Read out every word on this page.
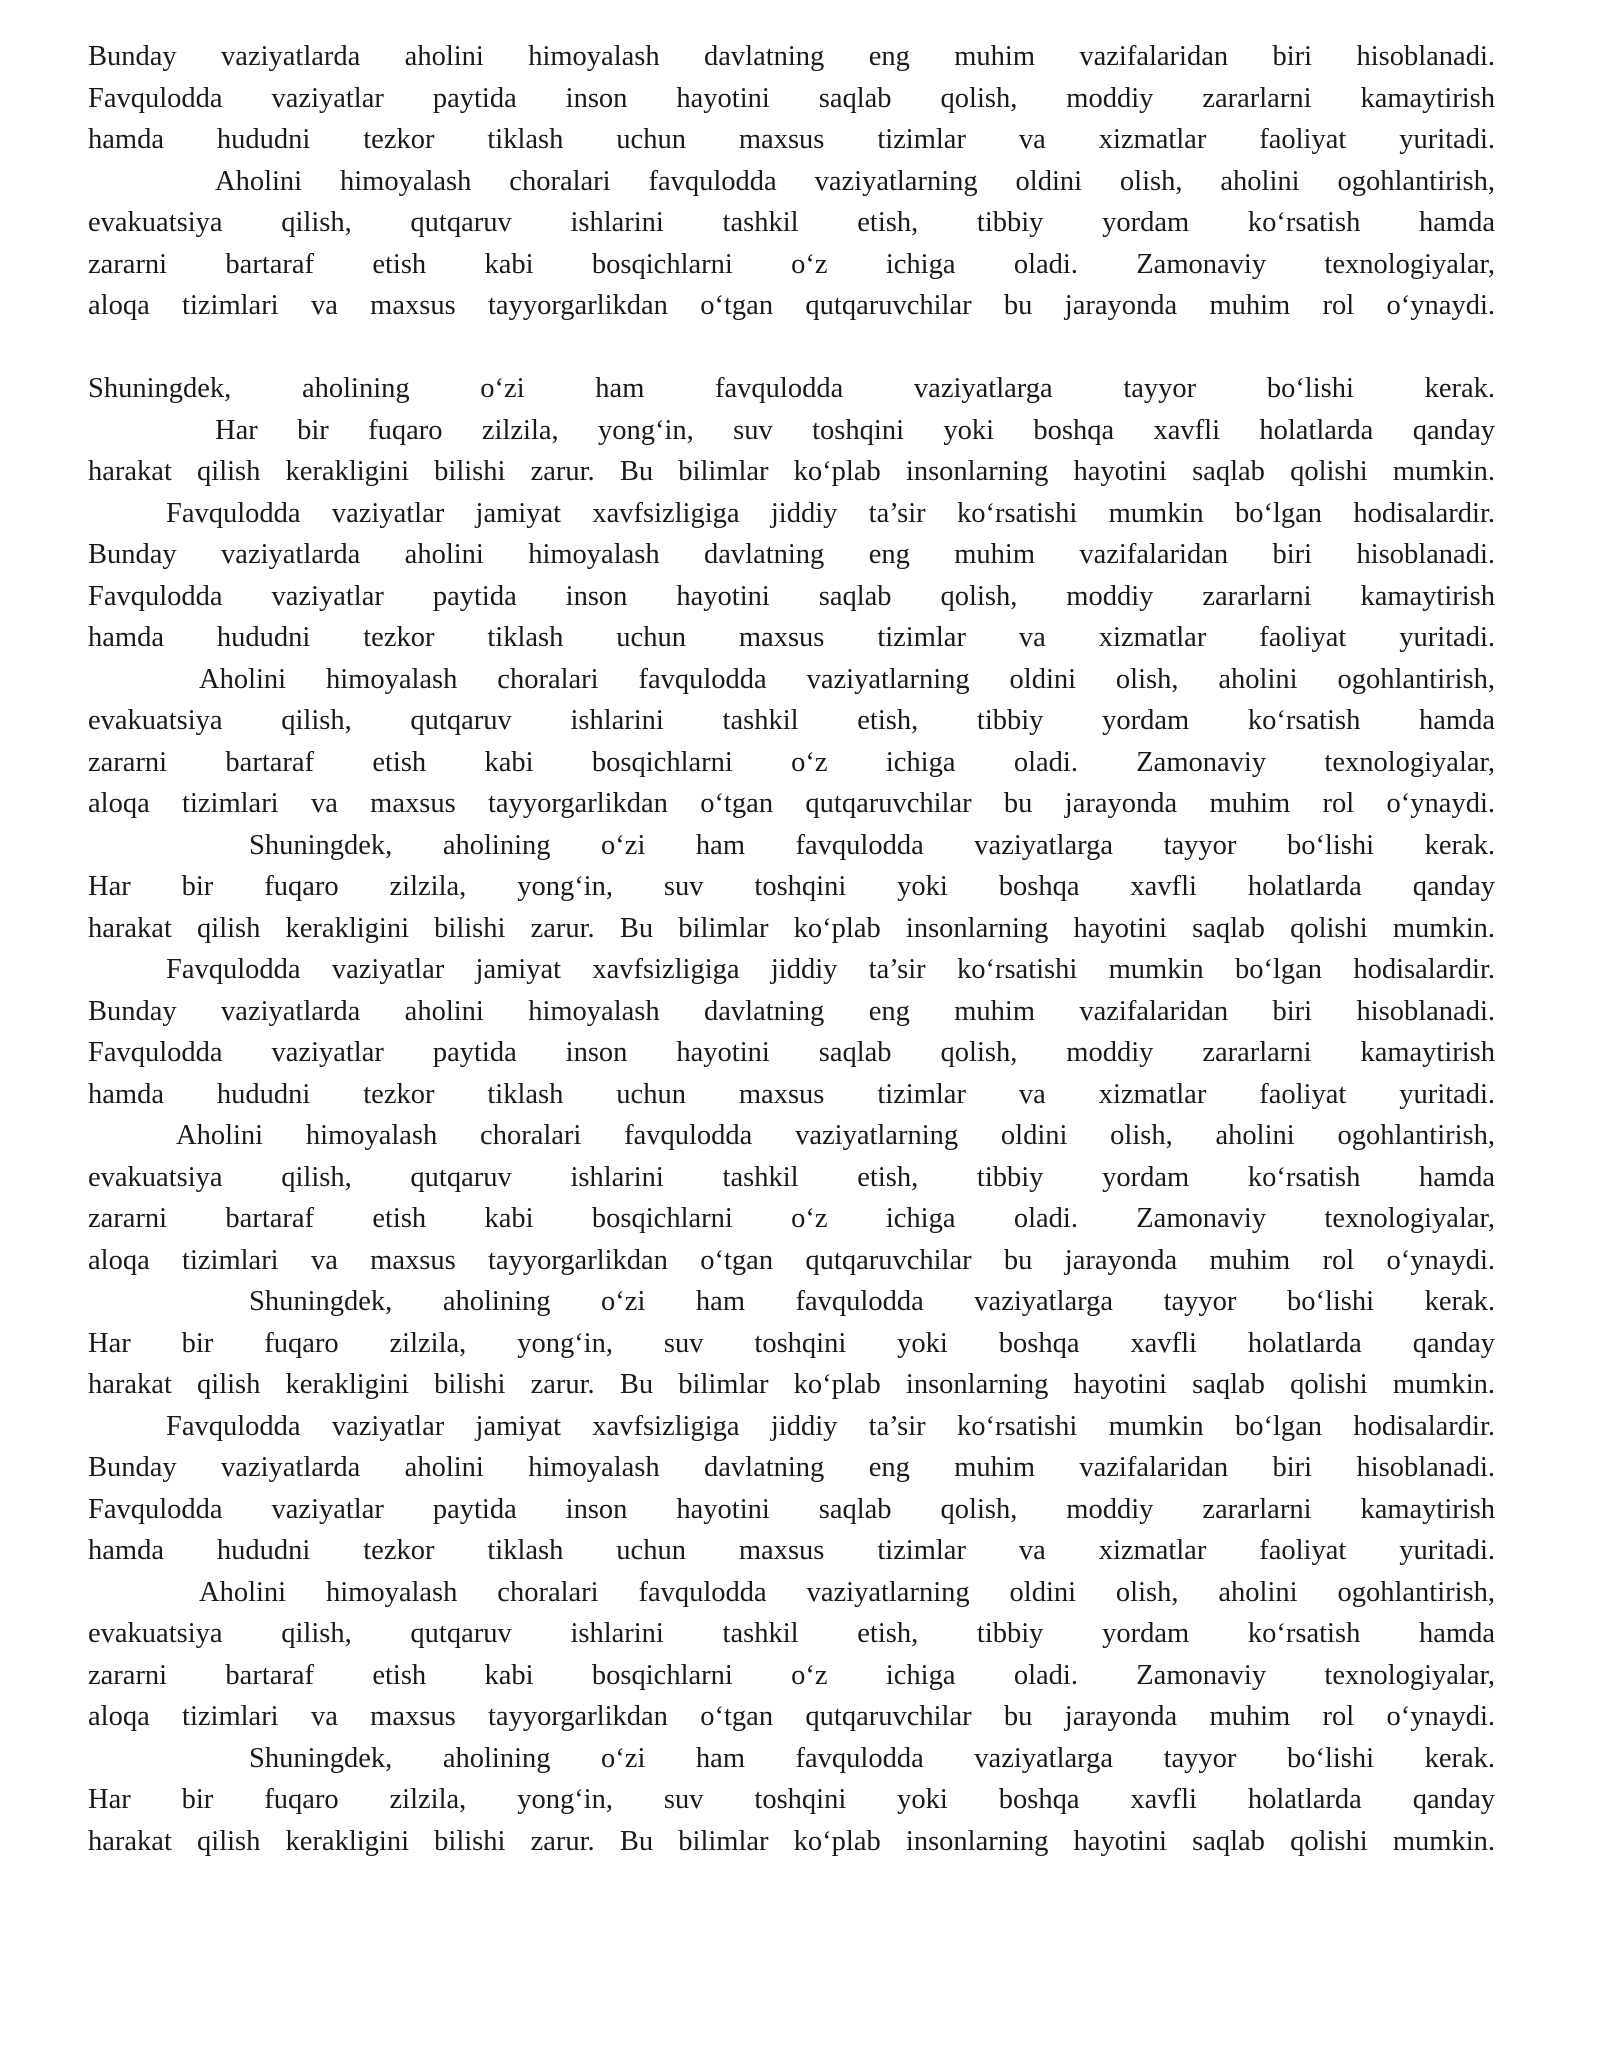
Bunday vaziyatlarda aholini himoyalash davlatning eng muhim vazifalaridan biri hisoblanadi.
Favqulodda vaziyatlar paytida inson hayotini saqlab qolish, moddiy zararlarni kamaytirish
hamda hududni tezkor tiklash uchun maxsus tizimlar va xizmatlar faoliyat yuritadi.
Aholini himoyalash choralari favqulodda vaziyatlarning oldini olish, aholini ogohlantirish,
evakuatsiya qilish, qutqaruv ishlarini tashkil etish, tibbiy yordam ko‘rsatish hamda
zararni bartaraf etish kabi bosqichlarni o‘z ichiga oladi. Zamonaviy texnologiyalar,
aloqa tizimlari va maxsus tayyorgarlikdan o‘tgan qutqaruvchilar bu jarayonda muhim rol o‘ynaydi.
Shuningdek, aholining o‘zi ham favqulodda vaziyatlarga tayyor bo‘lishi kerak.
Har bir fuqaro zilzila, yong‘in, suv toshqini yoki boshqa xavfli holatlarda qanday
harakat qilish kerakligini bilishi zarur. Bu bilimlar ko‘plab insonlarning hayotini saqlab qolishi mumkin.
Favqulodda vaziyatlar jamiyat xavfsizligiga jiddiy ta’sir ko‘rsatishi mumkin bo‘lgan hodisalardir.
Bunday vaziyatlarda aholini himoyalash davlatning eng muhim vazifalaridan biri hisoblanadi.
Favqulodda vaziyatlar paytida inson hayotini saqlab qolish, moddiy zararlarni kamaytirish
hamda hududni tezkor tiklash uchun maxsus tizimlar va xizmatlar faoliyat yuritadi.
Aholini himoyalash choralari favqulodda vaziyatlarning oldini olish, aholini ogohlantirish,
evakuatsiya qilish, qutqaruv ishlarini tashkil etish, tibbiy yordam ko‘rsatish hamda
zararni bartaraf etish kabi bosqichlarni o‘z ichiga oladi. Zamonaviy texnologiyalar,
aloqa tizimlari va maxsus tayyorgarlikdan o‘tgan qutqaruvchilar bu jarayonda muhim rol o‘ynaydi.
Shuningdek, aholining o‘zi ham favqulodda vaziyatlarga tayyor bo‘lishi kerak.
Har bir fuqaro zilzila, yong‘in, suv toshqini yoki boshqa xavfli holatlarda qanday
harakat qilish kerakligini bilishi zarur. Bu bilimlar ko‘plab insonlarning hayotini saqlab qolishi mumkin.
Favqulodda vaziyatlar jamiyat xavfsizligiga jiddiy ta’sir ko‘rsatishi mumkin bo‘lgan hodisalardir.
Bunday vaziyatlarda aholini himoyalash davlatning eng muhim vazifalaridan biri hisoblanadi.
Favqulodda vaziyatlar paytida inson hayotini saqlab qolish, moddiy zararlarni kamaytirish
hamda hududni tezkor tiklash uchun maxsus tizimlar va xizmatlar faoliyat yuritadi.
Aholini himoyalash choralari favqulodda vaziyatlarning oldini olish, aholini ogohlantirish,
evakuatsiya qilish, qutqaruv ishlarini tashkil etish, tibbiy yordam ko‘rsatish hamda
zararni bartaraf etish kabi bosqichlarni o‘z ichiga oladi. Zamonaviy texnologiyalar,
aloqa tizimlari va maxsus tayyorgarlikdan o‘tgan qutqaruvchilar bu jarayonda muhim rol o‘ynaydi.
Shuningdek, aholining o‘zi ham favqulodda vaziyatlarga tayyor bo‘lishi kerak.
Har bir fuqaro zilzila, yong‘in, suv toshqini yoki boshqa xavfli holatlarda qanday
harakat qilish kerakligini bilishi zarur. Bu bilimlar ko‘plab insonlarning hayotini saqlab qolishi mumkin.
Favqulodda vaziyatlar jamiyat xavfsizligiga jiddiy ta’sir ko‘rsatishi mumkin bo‘lgan hodisalardir.
Bunday vaziyatlarda aholini himoyalash davlatning eng muhim vazifalaridan biri hisoblanadi.
Favqulodda vaziyatlar paytida inson hayotini saqlab qolish, moddiy zararlarni kamaytirish
hamda hududni tezkor tiklash uchun maxsus tizimlar va xizmatlar faoliyat yuritadi.
Aholini himoyalash choralari favqulodda vaziyatlarning oldini olish, aholini ogohlantirish,
evakuatsiya qilish, qutqaruv ishlarini tashkil etish, tibbiy yordam ko‘rsatish hamda
zararni bartaraf etish kabi bosqichlarni o‘z ichiga oladi. Zamonaviy texnologiyalar,
aloqa tizimlari va maxsus tayyorgarlikdan o‘tgan qutqaruvchilar bu jarayonda muhim rol o‘ynaydi.
Shuningdek, aholining o‘zi ham favqulodda vaziyatlarga tayyor bo‘lishi kerak.
Har bir fuqaro zilzila, yong‘in, suv toshqini yoki boshqa xavfli holatlarda qanday
harakat qilish kerakligini bilishi zarur. Bu bilimlar ko‘plab insonlarning hayotini saqlab qolishi mumkin.
